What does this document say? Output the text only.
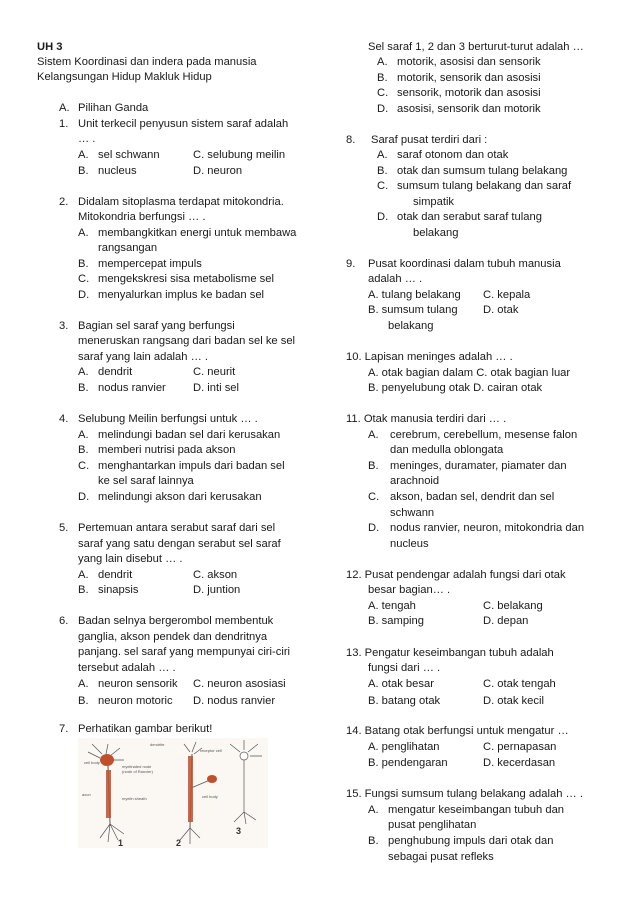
UH 3
Sistem Koordinasi dan indera pada manusia
Kelangsungan Hidup Makluk Hidup
A. Pilihan Ganda
1. Unit terkecil penyusun sistem saraf adalah
… .
A. sel schwann	C. selubung meilin
B. nucleus	D. neuron
2. Didalam sitoplasma terdapat mitokondria.
Mitokondria berfungsi … .
A. membangkitkan energi untuk membawa
rangsangan
B. mempercepat impuls
C. mengekskresi sisa metabolisme sel
D. menyalurkan implus ke badan sel
3. Bagian sel saraf yang berfungsi
meneruskan rangsang dari badan sel ke sel
saraf yang lain adalah … .
A. dendrit	C. neurit
B. nodus ranvier D. inti sel
4. Selubung Meilin berfungsi untuk … .
A. melindungi badan sel dari kerusakan
B. memberi nutrisi pada akson
C. menghantarkan impuls dari badan sel
ke sel saraf lainnya
D. melindungi akson dari kerusakan
5. Pertemuan antara serabut saraf dari sel
saraf yang satu dengan serabut sel saraf
yang lain disebut … .
A. dendrit	C. akson
B. sinapsis	D. juntion
6. Badan selnya bergerombol membentuk
ganglia, akson pendek dan dendritnya
panjang. sel saraf yang mempunyai ciri-ciri
tersebut adalah … .
A. neuron sensorik C. neuron asosiasi
B. neuron motoric D. nodus ranvier
7. Perhatikan gambar berikut!
dendrite
cell body
myelinated node
(node of Ranvier)
receptor cell
axon
myelin sheath	cell body
1	2
3
Sel saraf 1, 2 dan 3 berturut-turut adalah …
A. motorik, asosisi dan sensorik
B. motorik, sensorik dan asosisi
C. sensorik, motorik dan asosisi
D. asosisi, sensorik dan motorik
8. Saraf pusat terdiri dari :
A. saraf otonom dan otak
B. otak dan sumsum tulang belakang
C. sumsum tulang belakang dan saraf
simpatik
D. otak dan serabut saraf tulang
belakang
9. Pusat koordinasi dalam tubuh manusia
adalah … .
A. tulang belakang C. kepala
B. sumsum tulang
belakang
D. otak
10. Lapisan meninges adalah … .
A. otak bagian dalam C. otak bagian luar
B. penyelubung otak D. cairan otak
11. Otak manusia terdiri dari … .
A. cerebrum, cerebellum, mesense falon
dan medulla oblongata
B. meninges, duramater, piamater dan
arachnoid
C. akson, badan sel, dendrit dan sel
schwann
D. nodus ranvier, neuron, mitokondria dan
nucleus
12. Pusat pendengar adalah fungsi dari otak
besar bagian… .
A. tengah	C. belakang
B. samping	D. depan
13. Pengatur keseimbangan tubuh adalah
fungsi dari … .
A. otak besar	C. otak tengah
B. batang otak	D. otak kecil
14. Batang otak berfungsi untuk mengatur …
A. penglihatan	C. pernapasan
B. pendengaran	D. kecerdasan
15. Fungsi sumsum tulang belakang adalah … .
A. mengatur keseimbangan tubuh dan
pusat penglihatan
B. penghubung impuls dari otak dan
sebagai pusat refleks
